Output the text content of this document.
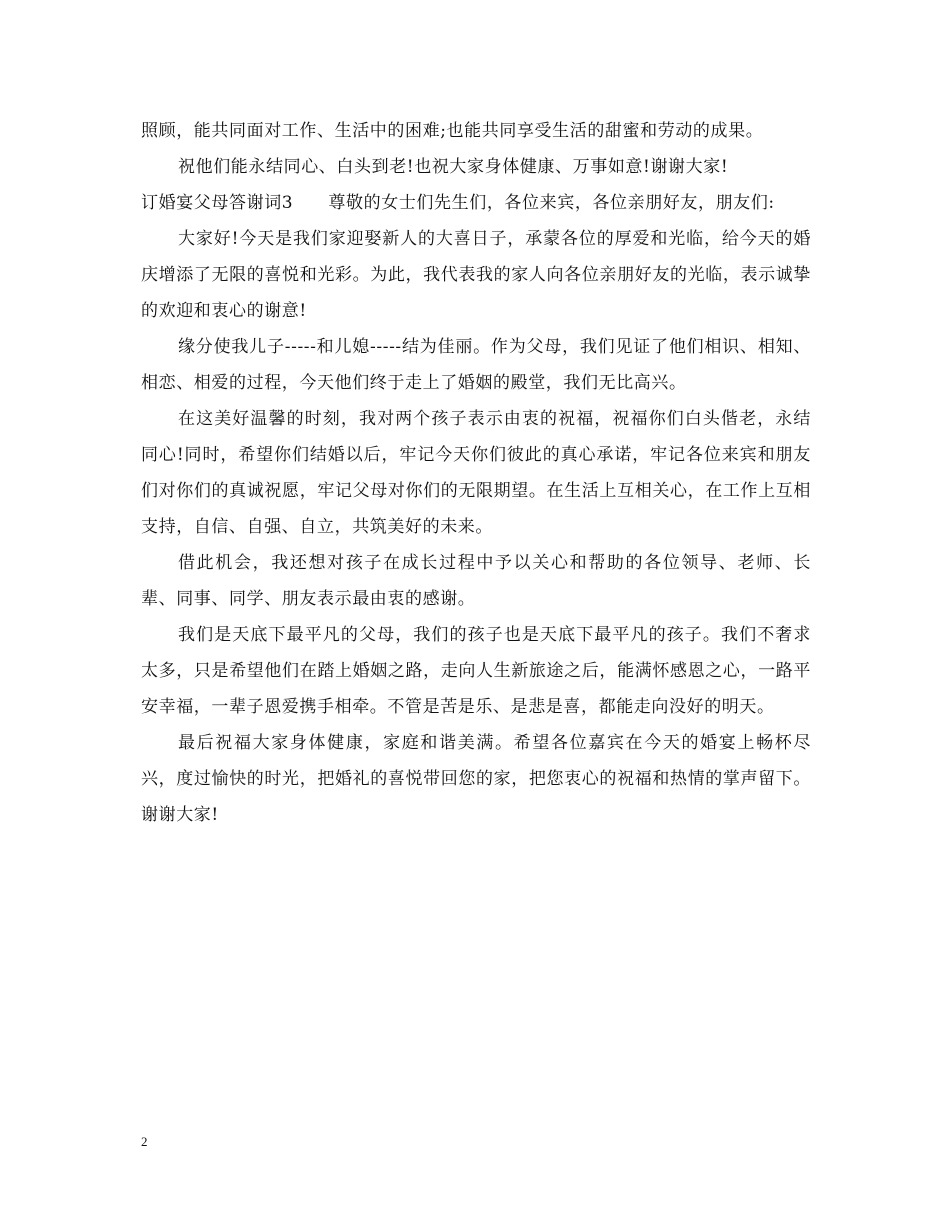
照顾，能共同面对工作、生活中的困难;也能共同享受生活的甜蜜和劳动的成果。

祝他们能永结同心、白头到老!也祝大家身体健康、万事如意!谢谢大家!

订婚宴父母答谢词3　　尊敬的女士们先生们，各位来宾，各位亲朋好友，朋友们:

大家好!今天是我们家迎娶新人的大喜日子，承蒙各位的厚爱和光临，给今天的婚庆增添了无限的喜悦和光彩。为此，我代表我的家人向各位亲朋好友的光临，表示诚挚的欢迎和衷心的谢意!

缘分使我儿子-----和儿媳-----结为佳丽。作为父母，我们见证了他们相识、相知、相恋、相爱的过程，今天他们终于走上了婚姻的殿堂，我们无比高兴。

在这美好温馨的时刻，我对两个孩子表示由衷的祝福，祝福你们白头偕老，永结同心!同时，希望你们结婚以后，牢记今天你们彼此的真心承诺，牢记各位来宾和朋友们对你们的真诚祝愿，牢记父母对你们的无限期望。在生活上互相关心，在工作上互相支持，自信、自强、自立，共筑美好的未来。

借此机会，我还想对孩子在成长过程中予以关心和帮助的各位领导、老师、长辈、同事、同学、朋友表示最由衷的感谢。

我们是天底下最平凡的父母，我们的孩子也是天底下最平凡的孩子。我们不奢求太多，只是希望他们在踏上婚姻之路，走向人生新旅途之后，能满怀感恩之心，一路平安幸福，一辈子恩爱携手相牵。不管是苦是乐、是悲是喜，都能走向没好的明天。

最后祝福大家身体健康，家庭和谐美满。希望各位嘉宾在今天的婚宴上畅杯尽兴，度过愉快的时光，把婚礼的喜悦带回您的家，把您衷心的祝福和热情的掌声留下。谢谢大家!

2
